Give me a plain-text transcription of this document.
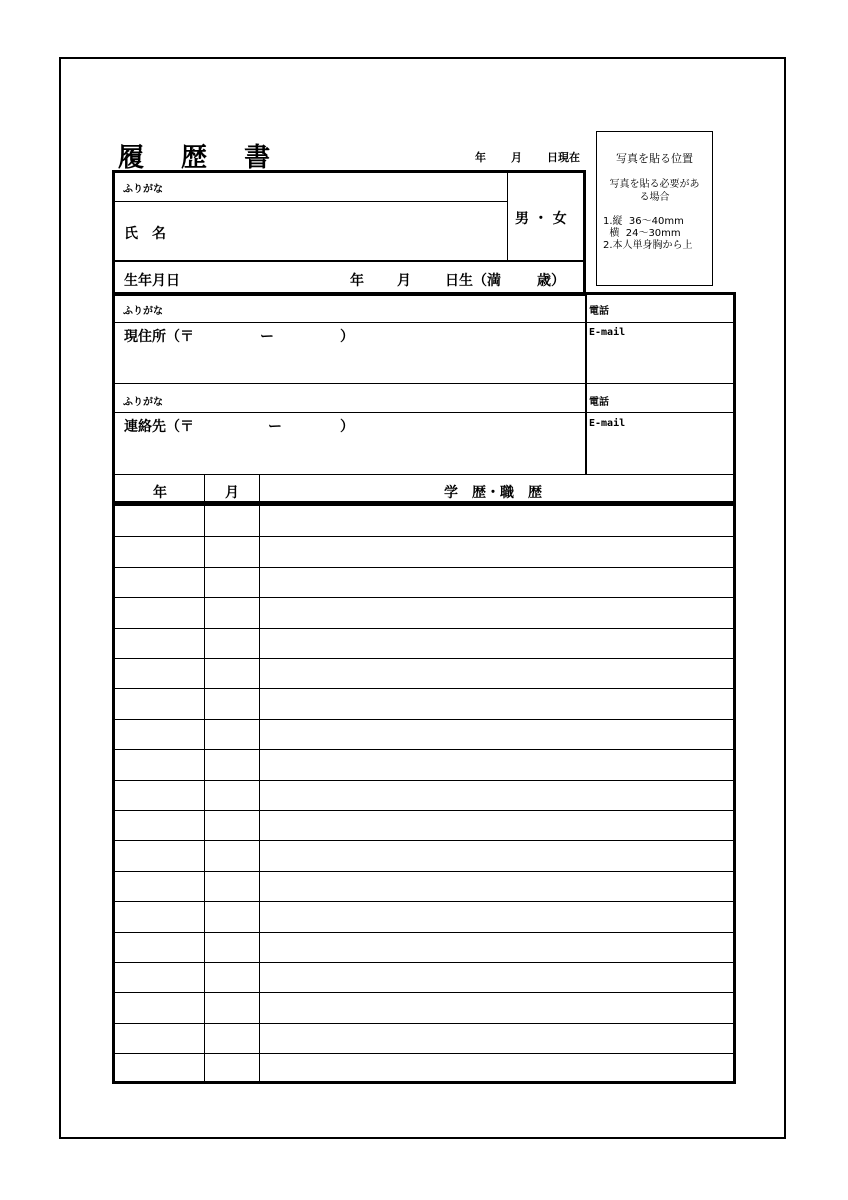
履 歴 書	年 月 日現在	写真を貼る位置
写真を貼る必要がある場合
1.縦  36〜40mm
横  24〜30mm
2.本人単身胸から上
ふりがな
氏　名
男 ・ 女
生年月日	年 月 日生（満	歳）
ふりがな
現住所（〒	ー	）
電話
E-mail
ふりがな
連絡先（〒	ー	）
電話
E-mail
年	月	学　歴・職　歴
